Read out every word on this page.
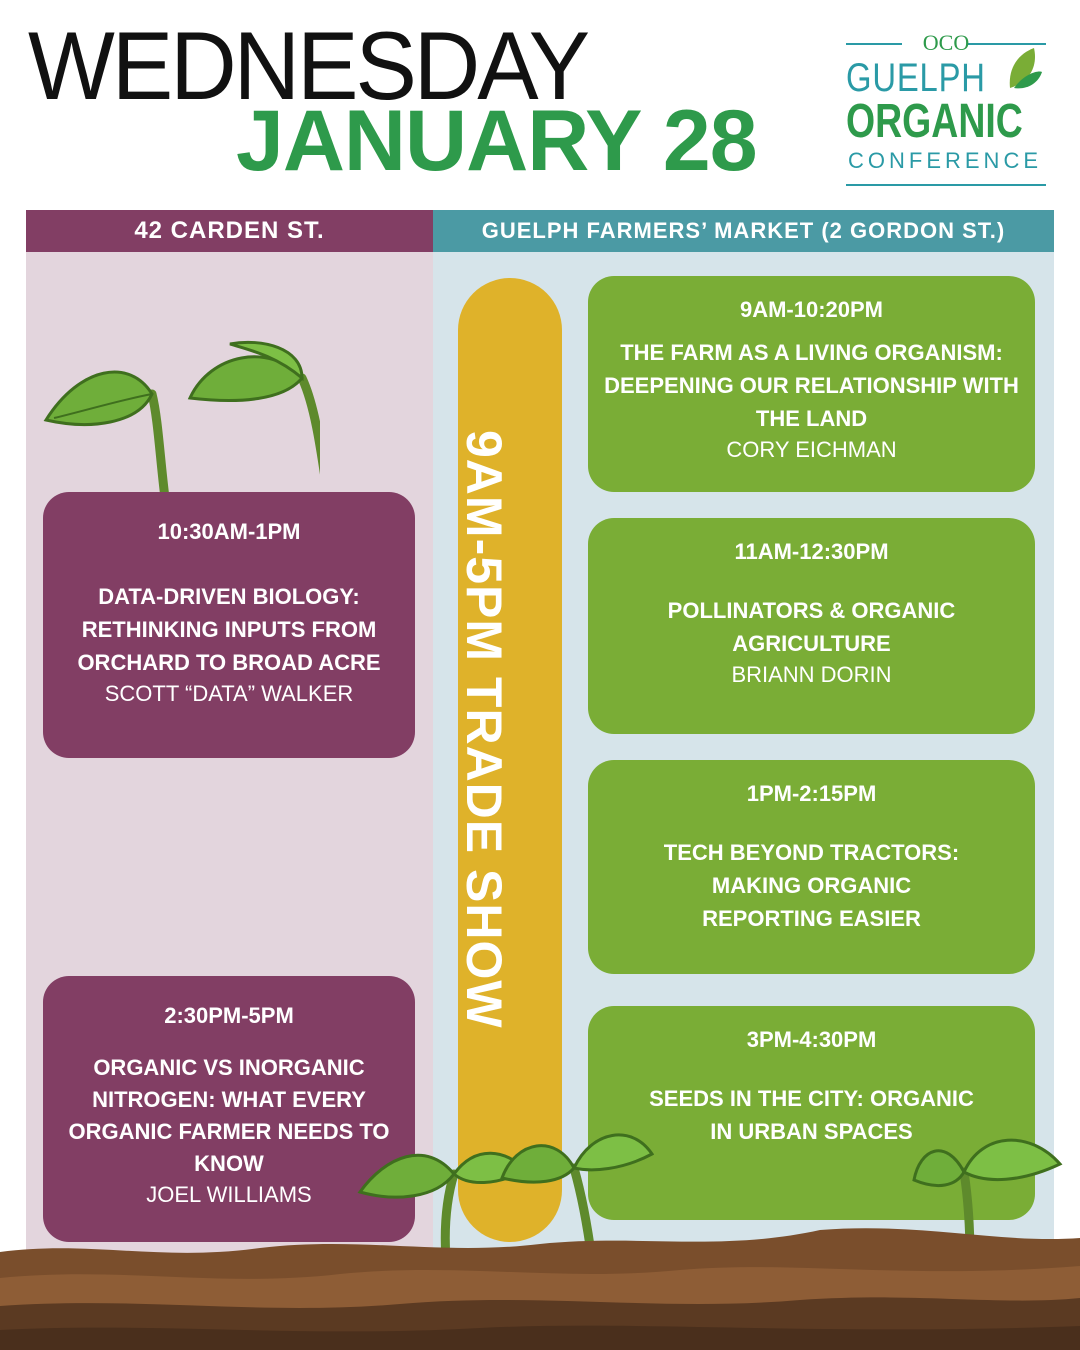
WEDNESDAY
JANUARY 28
OCO
GUELPH
ORGANIC
CONFERENCE
42 CARDEN ST.	GUELPH FARMERS’ MARKET (2 GORDON ST.)
10:30AM-1PM
DATA-DRIVEN BIOLOGY:
RETHINKING INPUTS FROM
ORCHARD TO BROAD ACRE
SCOTT “DATA” WALKER
2:30PM-5PM
ORGANIC VS INORGANIC
NITROGEN: WHAT EVERY
ORGANIC FARMER NEEDS TO
KNOW
JOEL WILLIAMS
9AM-5PM TRADE SHOW
9AM-10:20PM
THE FARM AS A LIVING ORGANISM:
DEEPENING OUR RELATIONSHIP WITH
THE LAND
CORY EICHMAN
11AM-12:30PM
POLLINATORS & ORGANIC
AGRICULTURE
BRIANN DORIN
1PM-2:15PM
TECH BEYOND TRACTORS:
MAKING ORGANIC
REPORTING EASIER
3PM-4:30PM
SEEDS IN THE CITY: ORGANIC
IN URBAN SPACES
